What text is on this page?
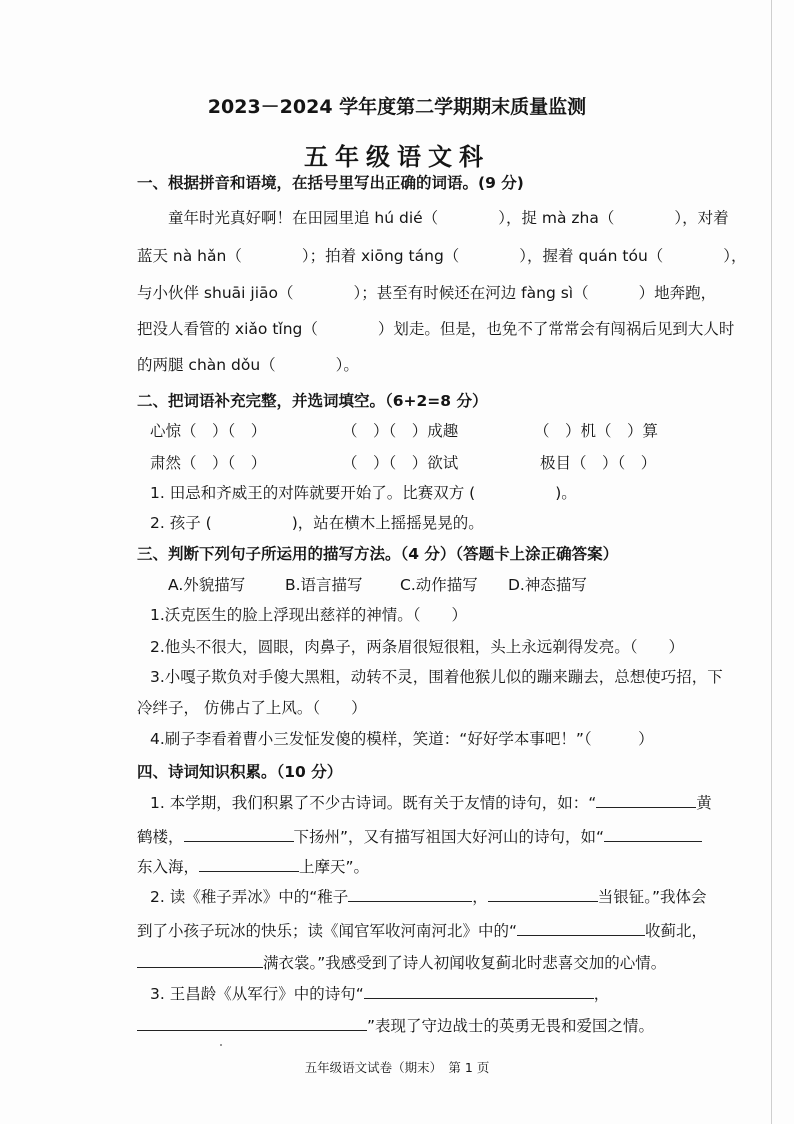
2023－2024 学年度第二学期期末质量监测
五年级语文科
一、根据拼音和语境，在括号里写出正确的词语。(9 分)
童年时光真好啊！在田园里追 hú dié（	），捉 mà zha（	），对着
蓝天 nà hǎn（	）；拍着 xiōng táng（	），握着 quán tóu（	），
与小伙伴 shuāi jiāo（	）；甚至有时候还在河边 fàng sì（	）地奔跑，
把没人看管的 xiǎo tǐng（	）划走。但是，也免不了常常会有闯祸后见到大人时
的两腿 chàn dǒu（	）。
二、把词语补充完整，并选词填空。（6+2=8 分）
心惊（　）（　）	（　）（　）成趣	（　）机（　）算
肃然（　）（　）	（　）（　）欲试	极目（　）（　）
1. 田忌和齐威王的对阵就要开始了。比赛双方 (	)。
2. 孩子 (	)，站在横木上摇摇晃晃的。
三、判断下列句子所运用的描写方法。（4 分）（答题卡上涂正确答案）
A.外貌描写	B.语言描写 C.动作描写 D.神态描写
1.沃克医生的脸上浮现出慈祥的神情。（　　）
2.他头不很大，圆眼，肉鼻子，两条眉很短很粗，头上永远剃得发亮。（　　）
3.小嘎子欺负对手傻大黑粗，动转不灵，围着他猴儿似的蹦来蹦去，总想使巧招，下
冷绊子， 仿佛占了上风。（　　）
4.刷子李看着曹小三发怔发傻的模样，笑道：“好好学本事吧！”（　　　）
四、诗词知识积累。（10 分）
1. 本学期，我们积累了不少古诗词。既有关于友情的诗句，如：“	黄
鹤楼，	下扬州”，又有描写祖国大好河山的诗句，如“
东入海，	上摩天”。
2. 读《稚子弄冰》中的“稚子	，	当银钲。”我体会
到了小孩子玩冰的快乐；读《闻官军收河南河北》中的“	收蓟北，
满衣裳。”我感受到了诗人初闻收复蓟北时悲喜交加的心情。
3. 王昌龄《从军行》中的诗句“	，
”表现了守边战士的英勇无畏和爱国之情。
五年级语文试卷（期末）　第 1 页
